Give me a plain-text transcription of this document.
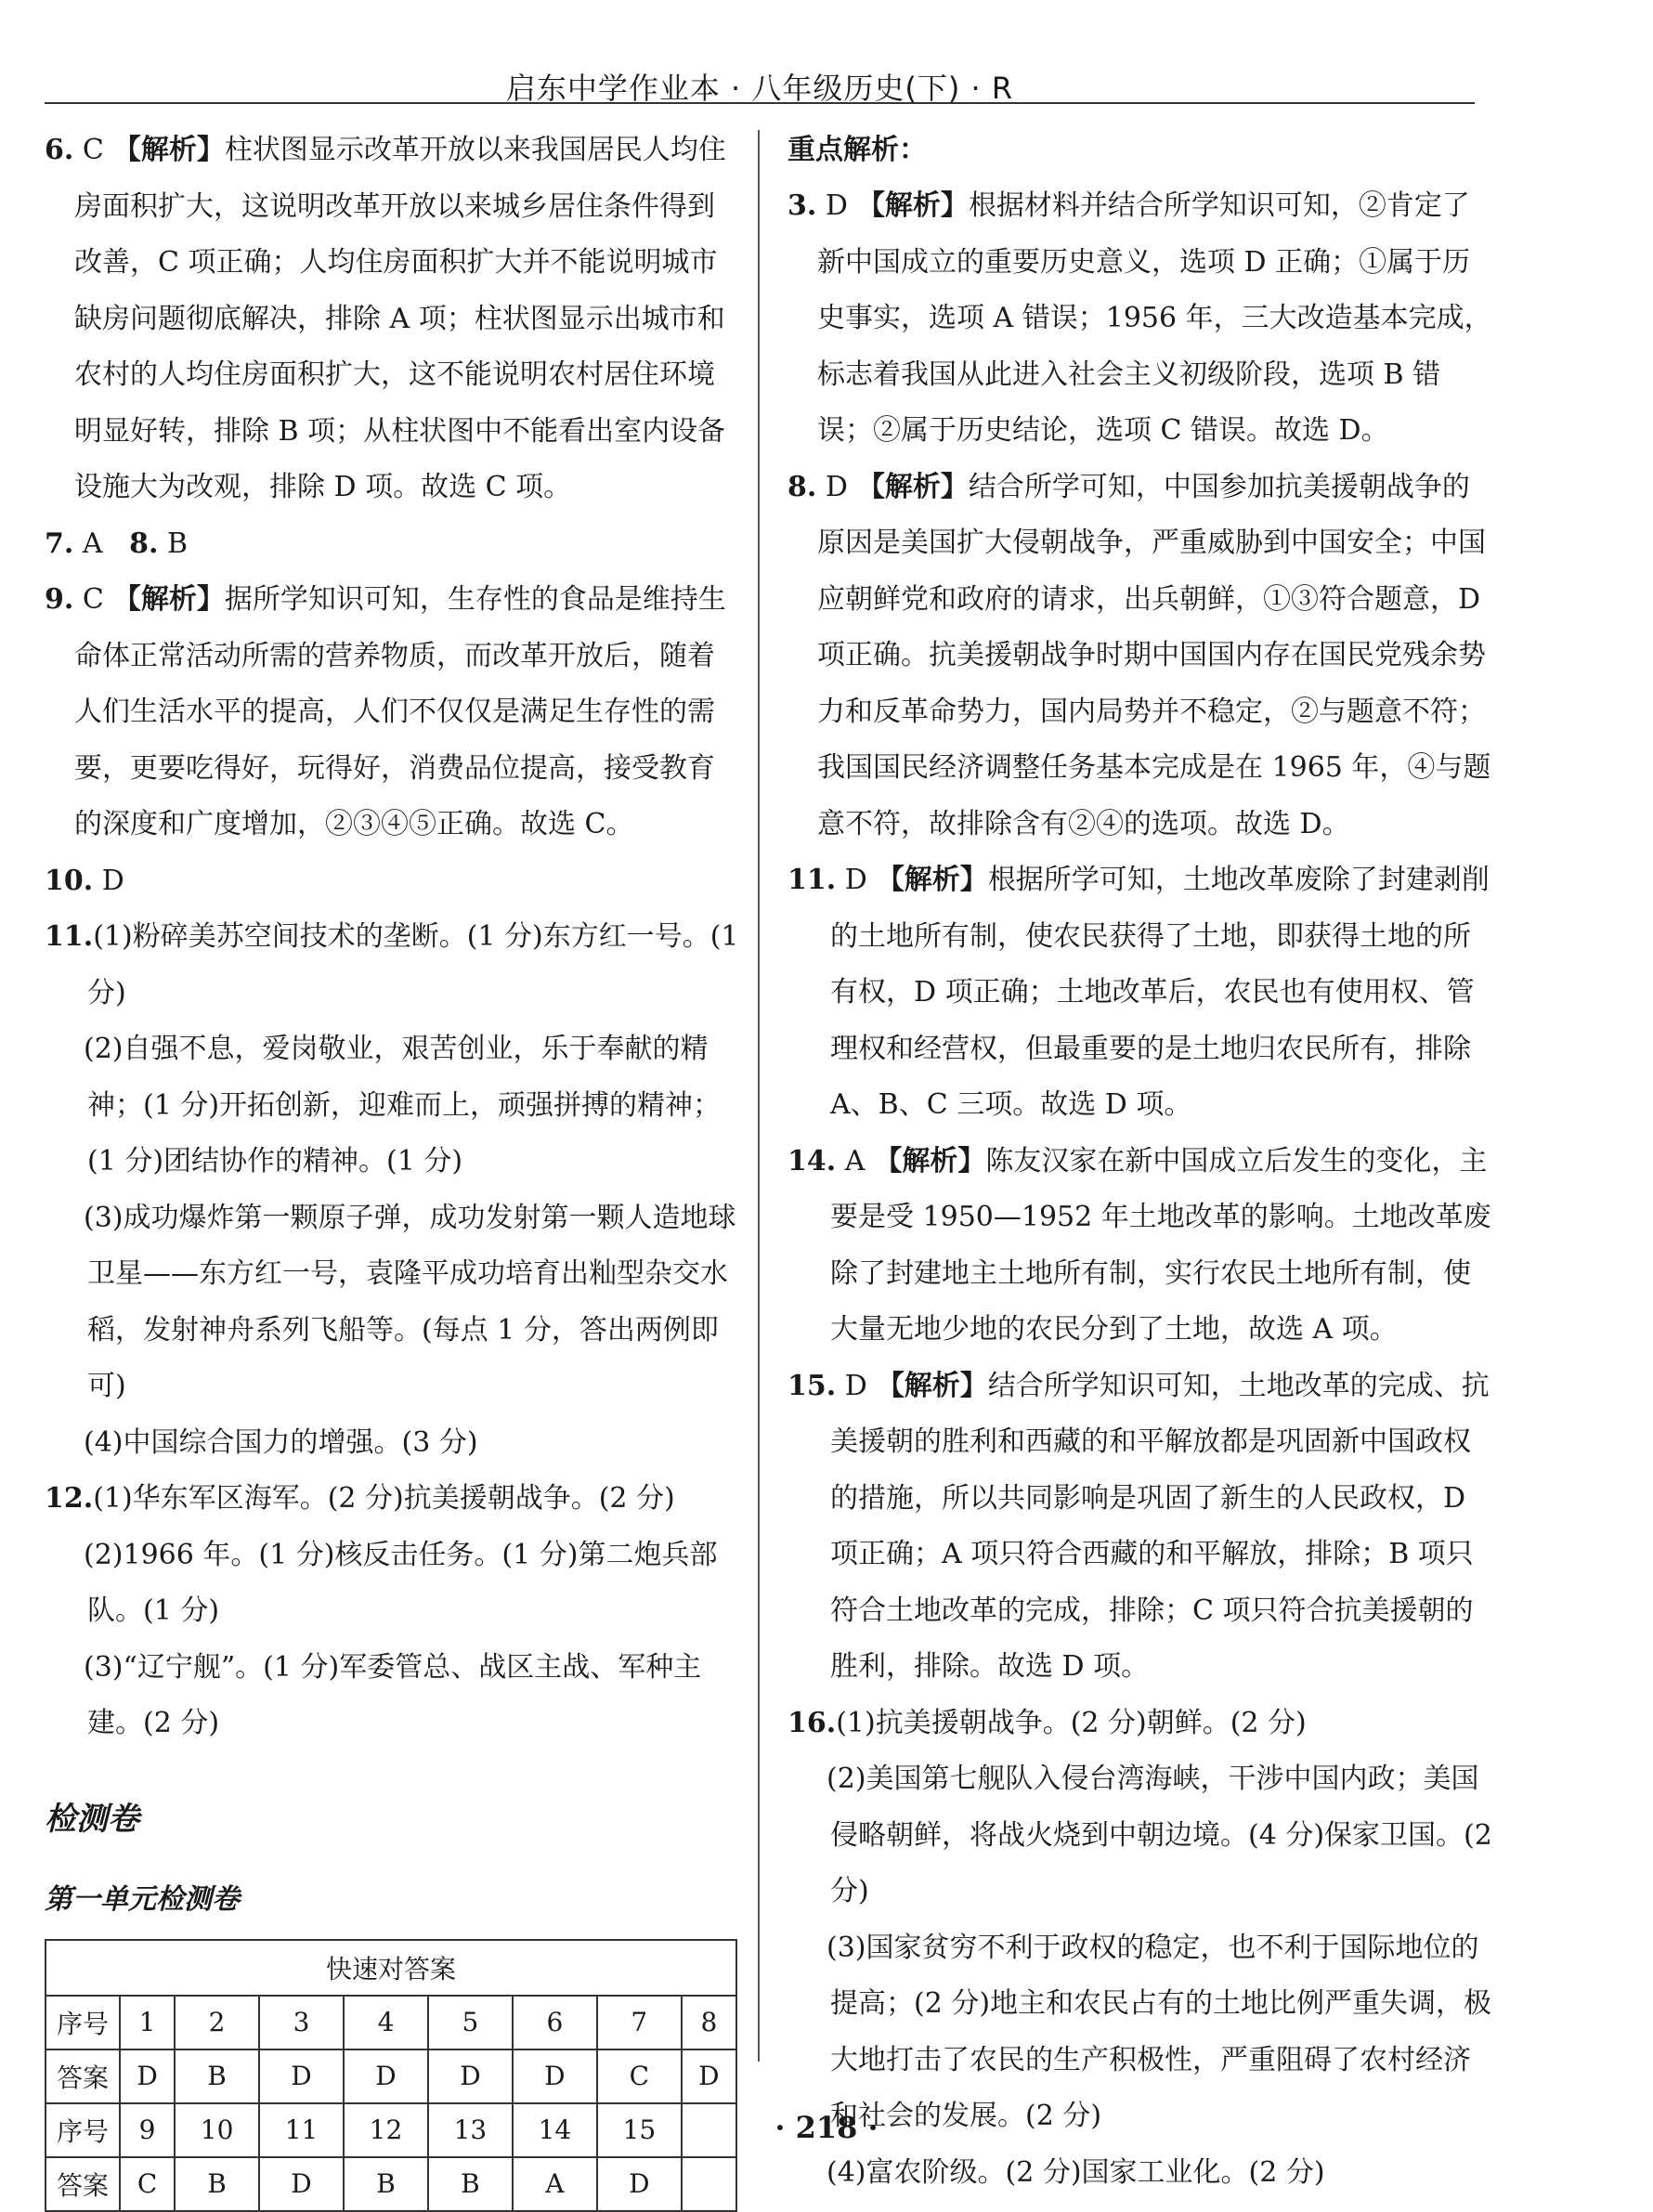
启东中学作业本 · 八年级历史(下) · R

6. C 【解析】柱状图显示改革开放以来我国居民人均住房面积扩大，这说明改革开放以来城乡居住条件得到改善，C 项正确；人均住房面积扩大并不能说明城市缺房问题彻底解决，排除 A 项；柱状图显示出城市和农村的人均住房面积扩大，这不能说明农村居住环境明显好转，排除 B 项；从柱状图中不能看出室内设备设施大为改观，排除 D 项。故选 C 项。

7. A 8. B

9. C 【解析】据所学知识可知，生存性的食品是维持生命体正常活动所需的营养物质，而改革开放后，随着人们生活水平的提高，人们不仅仅是满足生存性的需要，更要吃得好，玩得好，消费品位提高，接受教育的深度和广度增加，②③④⑤正确。故选 C。

10. D

11.(1)粉碎美苏空间技术的垄断。(1 分)东方红一号。(1 分)

(2)自强不息，爱岗敬业，艰苦创业，乐于奉献的精神；(1 分)开拓创新，迎难而上，顽强拼搏的精神；(1 分)团结协作的精神。(1 分)

(3)成功爆炸第一颗原子弹，成功发射第一颗人造地球卫星——东方红一号，袁隆平成功培育出籼型杂交水稻，发射神舟系列飞船等。(每点 1 分，答出两例即可)

(4)中国综合国力的增强。(3 分)

12.(1)华东军区海军。(2 分)抗美援朝战争。(2 分)

(2)1966 年。(1 分)核反击任务。(1 分)第二炮兵部队。(1 分)

(3)“辽宁舰”。(1 分)军委管总、战区主战、军种主建。(2 分)

检测卷

第一单元检测卷

快速对答案								
序号	1	2	3	4	5	6	7	8
答案	D	B	D	D	D	D	C	D
序号	9	10	11	12	13	14	15	
答案	C	B	D	B	B	A	D	

重点解析：

3. D 【解析】根据材料并结合所学知识可知，②肯定了新中国成立的重要历史意义，选项 D 正确；①属于历史事实，选项 A 错误；1956 年，三大改造基本完成，标志着我国从此进入社会主义初级阶段，选项 B 错误；②属于历史结论，选项 C 错误。故选 D。

8. D 【解析】结合所学可知，中国参加抗美援朝战争的原因是美国扩大侵朝战争，严重威胁到中国安全；中国应朝鲜党和政府的请求，出兵朝鲜，①③符合题意，D 项正确。抗美援朝战争时期中国国内存在国民党残余势力和反革命势力，国内局势并不稳定，②与题意不符；我国国民经济调整任务基本完成是在 1965 年，④与题意不符，故排除含有②④的选项。故选 D。

11. D 【解析】根据所学可知，土地改革废除了封建剥削的土地所有制，使农民获得了土地，即获得土地的所有权，D 项正确；土地改革后，农民也有使用权、管理权和经营权，但最重要的是土地归农民所有，排除 A、B、C 三项。故选 D 项。

14. A 【解析】陈友汉家在新中国成立后发生的变化，主要是受 1950—1952 年土地改革的影响。土地改革废除了封建地主土地所有制，实行农民土地所有制，使大量无地少地的农民分到了土地，故选 A 项。

15. D 【解析】结合所学知识可知，土地改革的完成、抗美援朝的胜利和西藏的和平解放都是巩固新中国政权的措施，所以共同影响是巩固了新生的人民政权，D 项正确；A 项只符合西藏的和平解放，排除；B 项只符合土地改革的完成，排除；C 项只符合抗美援朝的胜利，排除。故选 D 项。

16.(1)抗美援朝战争。(2 分)朝鲜。(2 分)

(2)美国第七舰队入侵台湾海峡，干涉中国内政；美国侵略朝鲜，将战火烧到中朝边境。(4 分)保家卫国。(2 分)

(3)国家贫穷不利于政权的稳定，也不利于国际地位的提高；(2 分)地主和农民占有的土地比例严重失调，极大地打击了农民的生产积极性，严重阻碍了农村经济和社会的发展。(2 分)

(4)富农阶级。(2 分)国家工业化。(2 分)

· 218 ·
